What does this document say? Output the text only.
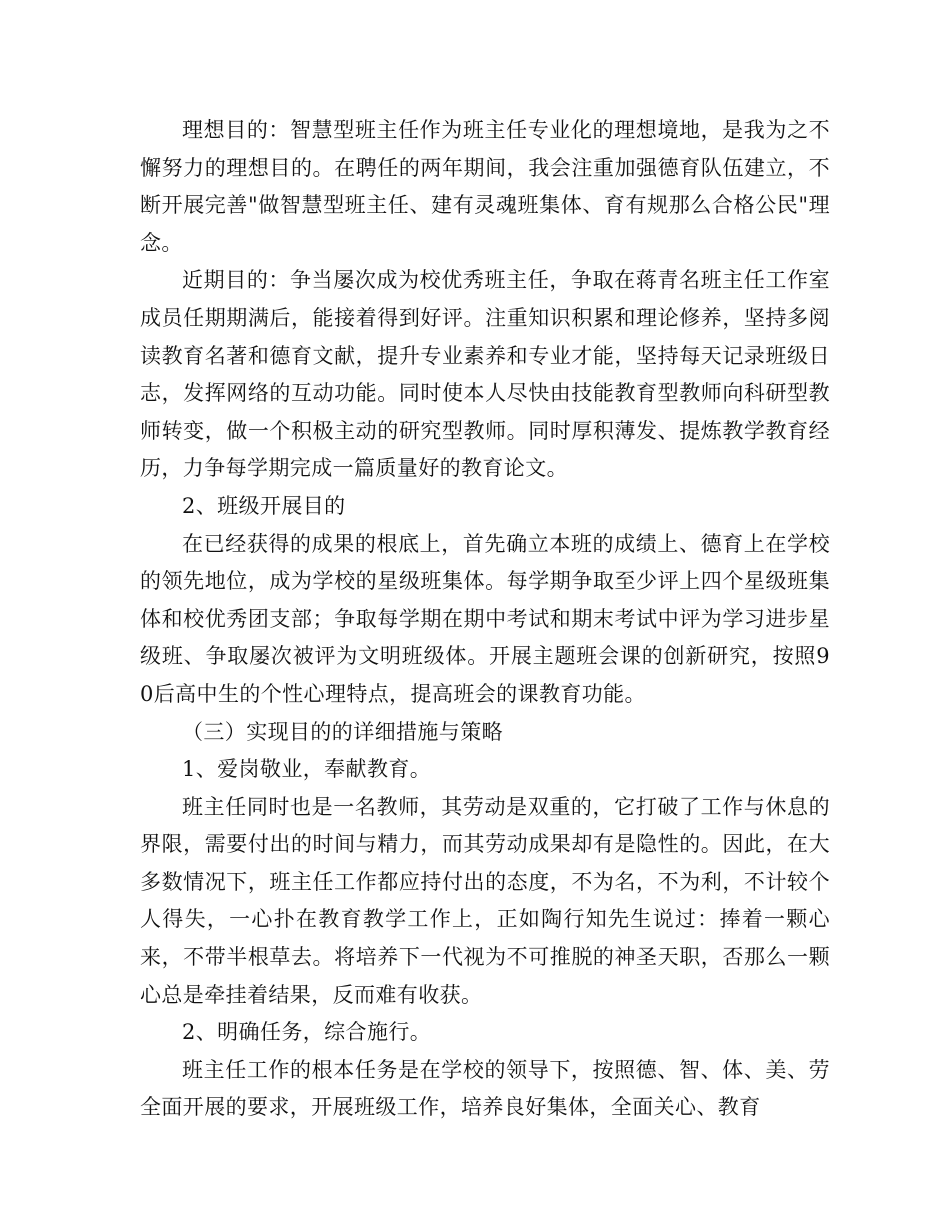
理想目的：智慧型班主任作为班主任专业化的理想境地，是我为之不懈努力的理想目的。在聘任的两年期间，我会注重加强德育队伍建立，不断开展完善"做智慧型班主任、建有灵魂班集体、育有规那么合格公民"理念。

近期目的：争当屡次成为校优秀班主任，争取在蒋青名班主任工作室成员任期期满后，能接着得到好评。注重知识积累和理论修养，坚持多阅读教育名著和德育文献，提升专业素养和专业才能，坚持每天记录班级日志，发挥网络的互动功能。同时使本人尽快由技能教育型教师向科研型教师转变，做一个积极主动的研究型教师。同时厚积薄发、提炼教学教育经历，力争每学期完成一篇质量好的教育论文。

2、班级开展目的

在已经获得的成果的根底上，首先确立本班的成绩上、德育上在学校的领先地位，成为学校的星级班集体。每学期争取至少评上四个星级班集体和校优秀团支部；争取每学期在期中考试和期末考试中评为学习进步星级班、争取屡次被评为文明班级体。开展主题班会课的创新研究，按照90后高中生的个性心理特点，提高班会的课教育功能。

（三）实现目的的详细措施与策略

1、爱岗敬业，奉献教育。

班主任同时也是一名教师，其劳动是双重的，它打破了工作与休息的界限，需要付出的时间与精力，而其劳动成果却有是隐性的。因此，在大多数情况下，班主任工作都应持付出的态度，不为名，不为利，不计较个人得失，一心扑在教育教学工作上，正如陶行知先生说过：捧着一颗心来，不带半根草去。将培养下一代视为不可推脱的神圣天职，否那么一颗心总是牵挂着结果，反而难有收获。

2、明确任务，综合施行。

班主任工作的根本任务是在学校的领导下，按照德、智、体、美、劳全面开展的要求，开展班级工作，培养良好集体，全面关心、教育
